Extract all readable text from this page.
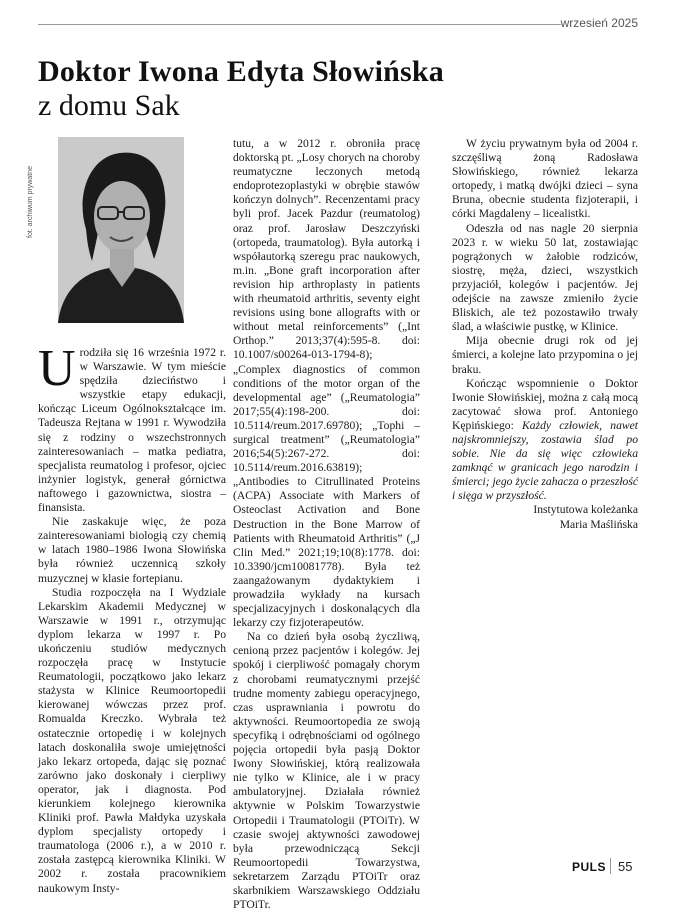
wrzesień 2025
Doktor Iwona Edyta Słowińska
z domu Sak
fot. archiwum prywatne

Urodziła się 16 września 1972 r. w Warszawie. W tym mieście spędziła dzieciństwo i wszystkie etapy edukacji, kończąc Liceum Ogólnokształcące im. Tadeusza Rejtana w 1991 r. Wywodziła się z rodziny o wszechstronnych zainteresowaniach – matka pediatra, specjalista reumatolog i profesor, ojciec inżynier logistyk, generał górnictwa naftowego i gazownictwa, siostra – finansista.

Nie zaskakuje więc, że poza zainteresowaniami biologią czy chemią w latach 1980–1986 Iwona Słowińska była również uczennicą szkoły muzycznej w klasie fortepianu.

Studia rozpoczęła na I Wydziale Lekarskim Akademii Medycznej w Warszawie w 1991 r., otrzymując dyplom lekarza w 1997 r. Po ukończeniu studiów medycznych rozpoczęła pracę w Instytucie Reumatologii, początkowo jako lekarz stażysta w Klinice Reumoortopedii kierowanej wówczas przez prof. Romualda Kreczko. Wybrała też ostatecznie ortopedię i w kolejnych latach doskonaliła swoje umiejętności jako lekarz ortopeda, dając się poznać zarówno jako doskonały i cierpliwy operator, jak i diagnosta. Pod kierunkiem kolejnego kierownika Kliniki prof. Pawła Małdyka uzyskała dyplom specjalisty ortopedy i traumatologa (2006 r.), a w 2010 r. została zastępcą kierownika Kliniki. W 2002 r. została pracownikiem naukowym Insty-

tutu, a w 2012 r. obroniła pracę doktorską pt. „Losy chorych na choroby reumatyczne leczonych metodą endoprotezoplastyki w obrębie stawów kończyn dolnych”. Recenzentami pracy byli prof. Jacek Pazdur (reumatolog) oraz prof. Jarosław Deszczyński (ortopeda, traumatolog). Była autorką i współautorką szeregu prac naukowych, m.in. „Bone graft incorporation after revision hip arthroplasty in patients with rheumatoid arthritis, seventy eight revisions using bone allografts with or without metal reinforcements” („Int Orthop.” 2013;37(4):595-8. doi: 10.1007/s00264-013-1794-8); „Complex diagnostics of common conditions of the motor organ of the developmental age” („Reumatologia” 2017;55(4):198-200. doi: 10.5114/reum.2017.69780); „Tophi – surgical treatment” („Reumatologia” 2016;54(5):267-272. doi: 10.5114/reum.2016.63819); „Antibodies to Citrullinated Proteins (ACPA) Associate with Markers of Osteoclast Activation and Bone Destruction in the Bone Marrow of Patients with Rheumatoid Arthritis” („J Clin Med.” 2021;19;10(8):1778. doi: 10.3390/jcm10081778). Była też zaangażowanym dydaktykiem i prowadziła wykłady na kursach specjalizacyjnych i doskonalących dla lekarzy czy fizjoterapeutów.

Na co dzień była osobą życzliwą, cenioną przez pacjentów i kolegów. Jej spokój i cierpliwość pomagały chorym z chorobami reumatycznymi przejść trudne momenty zabiegu operacyjnego, czas usprawniania i powrotu do aktywności. Reumoortopedia ze swoją specyfiką i odrębnościami od ogólnego pojęcia ortopedii była pasją Doktor Iwony Słowińskiej, którą realizowała nie tylko w Klinice, ale i w pracy ambulatoryjnej. Działała również aktywnie w Polskim Towarzystwie Ortopedii i Traumatologii (PTOiTr). W czasie swojej aktywności zawodowej była przewodniczącą Sekcji Reumoortopedii Towarzystwa, sekretarzem Zarządu PTOiTr oraz skarbnikiem Warszawskiego Oddziału PTOiTr.

W życiu prywatnym była od 2004 r. szczęśliwą żoną Radosława Słowińskiego, również lekarza ortopedy, i matką dwójki dzieci – syna Bruna, obecnie studenta fizjoterapii, i córki Magdaleny – licealistki.

Odeszła od nas nagle 20 sierpnia 2023 r. w wieku 50 lat, zostawiając pogrążonych w żałobie rodziców, siostrę, męża, dzieci, wszystkich przyjaciół, kolegów i pacjentów. Jej odejście na zawsze zmieniło życie Bliskich, ale też pozostawiło trwały ślad, a właściwie pustkę, w Klinice.

Mija obecnie drugi rok od jej śmierci, a kolejne lato przypomina o jej braku.

Kończąc wspomnienie o Doktor Iwonie Słowińskiej, można z całą mocą zacytować słowa prof. Antoniego Kępińskiego: Każdy człowiek, nawet najskromniejszy, zostawia ślad po sobie. Nie da się więc człowieka zamknąć w granicach jego narodzin i śmierci; jego życie zahacza o przeszłość i sięga w przyszłość.

Instytutowa koleżanka

Maria Maślińska

PULS 55
